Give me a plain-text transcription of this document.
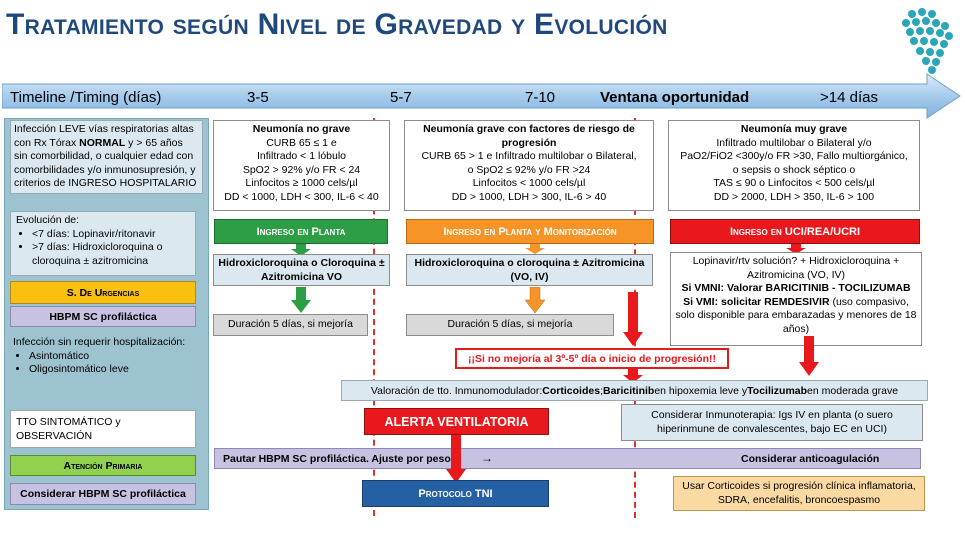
Tratamiento según Nivel de Gravedad y Evolución
Timeline /Timing (días)	3-5	5-7	7-10	Ventana oportunidad	>14 días
Infección LEVE vías respiratorias altas con Rx Tórax NORMAL y > 65 años sin comorbilidad, o cualquier edad con comorbilidades y/o inmunosupresión, y criterios de INGRESO HOSPITALARIO
Evolución de:
• <7 días: Lopinavir/ritonavir
• >7 días: Hidroxicloroquina o cloroquina ± azitromicina
S. De Urgencias
HBPM SC profiláctica
Infección sin requerir hospitalización:
• Asintomático
• Oligosintomático leve
TTO SINTOMÁTICO y OBSERVACIÓN
Atención Primaria
Considerar HBPM SC profiláctica
Neumonía no grave
CURB 65 ≤ 1 e
Infiltrado < 1 lóbulo
SpO2 > 92% y/o FR < 24
Linfocitos ≥ 1000 cels/µl
DD < 1000, LDH < 300, IL-6 < 40
Ingreso en Planta
Hidroxicloroquina o Cloroquina ± Azitromicina VO
Duración 5 días, si mejoría
Neumonía grave con factores de riesgo de progresión
CURB 65 > 1 e Infiltrado multilobar o Bilateral,
o SpO2 ≤ 92% y/o FR >24
Linfocitos < 1000 cels/µl
DD > 1000, LDH > 300, IL-6 > 40
Ingreso en Planta y Monitorización
Hidroxicloroquina o cloroquina ± Azitromicina (VO, IV)
Duración 5 días, si mejoría
Neumonía muy grave
Infiltrado multilobar o Bilateral y/o
PaO2/FiO2 <300y/o FR >30, Fallo multiorgánico,
o sepsis o shock séptico o
TAS ≤ 90 o Linfocitos < 500 cels/µl
DD > 2000, LDH > 350, IL-6 > 100
Ingreso en UCI/REA/UCRI
Lopinavir/rtv solución? + Hidroxicloroquina + Azitromicina (VO, IV)
Si VMNI: Valorar BARICITINIB - TOCILIZUMAB
Si VMI: solicitar REMDESIVIR (uso compasivo, solo disponible para embarazadas y menores de 18 años)
¡¡Si no mejoría al 3º-5º día o inicio de progresión!!
Valoración de tto. Inmunomodulador: Corticoides ; Baricitinib en hipoxemia leve y Tocilizumab en moderada grave
Considerar Inmunoterapia: Igs IV en planta (o suero hiperinmune de convalescentes, bajo EC en UCI)
ALERTA VENTILATORIA
Pautar HBPM SC profiláctica. Ajuste por peso	→	Considerar anticoagulación
Protocolo TNI
Usar Corticoides si progresión clínica inflamatoria, SDRA, encefalitis, broncoespasmo
